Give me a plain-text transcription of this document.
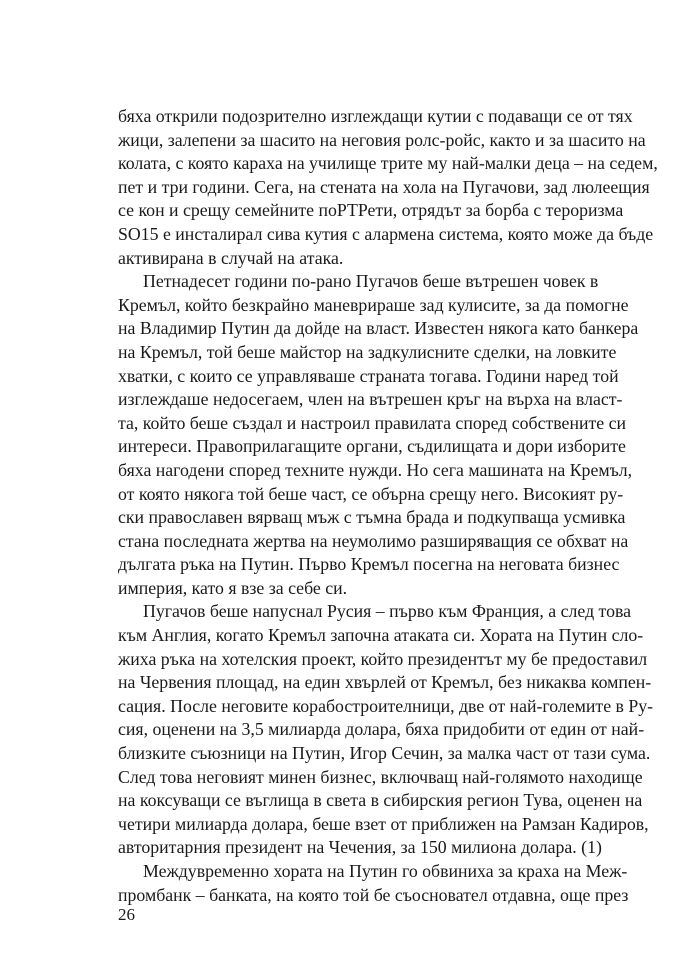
бяха открили подозрително изглеждащи кутии с подаващи се от тях
жици, залепени за шасито на неговия ролс-ройс, както и за шасито на
колата, с която караха на училище трите му най-малки деца – на седем,
пет и три години. Сега, на стената на хола на Пугачови, зад люлеещия
се кон и срещу семейните поРТРети, отрядът за борба с тероризма
SO15 е инсталирал сива кутия с алармена система, която може да бъде
активирана в случай на атака.
Петнадесет години по-рано Пугачов беше вътрешен човек в
Кремъл, който безкрайно маневрираше зад кулисите, за да помогне
на Владимир Путин да дойде на власт. Известен някога като банкера
на Кремъл, той беше майстор на задкулисните сделки, на ловките
хватки, с които се управляваше страната тогава. Години наред той
изглеждаше недосегаем, член на вътрешен кръг на върха на власт-
та, който беше създал и настроил правилата според собствените си
интереси. Правоприлагащите органи, съдилищата и дори изборите
бяха нагодени според техните нужди. Но сега машината на Кремъл,
от която някога той беше част, се обърна срещу него. Високият ру-
ски православен вярващ мъж с тъмна брада и подкупваща усмивка
стана последната жертва на неумолимо разширяващия се обхват на
дългата ръка на Путин. Първо Кремъл посегна на неговата бизнес
империя, като я взе за себе си.
Пугачов беше напуснал Русия – първо към Франция, а след това
към Англия, когато Кремъл започна атаката си. Хората на Путин сло-
жиха ръка на хотелския проект, който президентът му бе предоставил
на Червения площад, на един хвърлей от Кремъл, без никаква компен-
сация. После неговите корабостроителници, две от най-големите в Ру-
сия, оценени на 3,5 милиарда долара, бяха придобити от един от най-
близките съюзници на Путин, Игор Сечин, за малка част от тази сума.
След това неговият минен бизнес, включващ най-голямото находище
на коксуващи се въглища в света в сибирския регион Тува, оценен на
четири милиарда долара, беше взет от приближен на Рамзан Кадиров,
авторитарния президент на Чечения, за 150 милиона долара. (1)
Междувременно хората на Путин го обвиниха за краха на Меж-
промбанк – банката, на която той бе съосновател отдавна, още през
26
